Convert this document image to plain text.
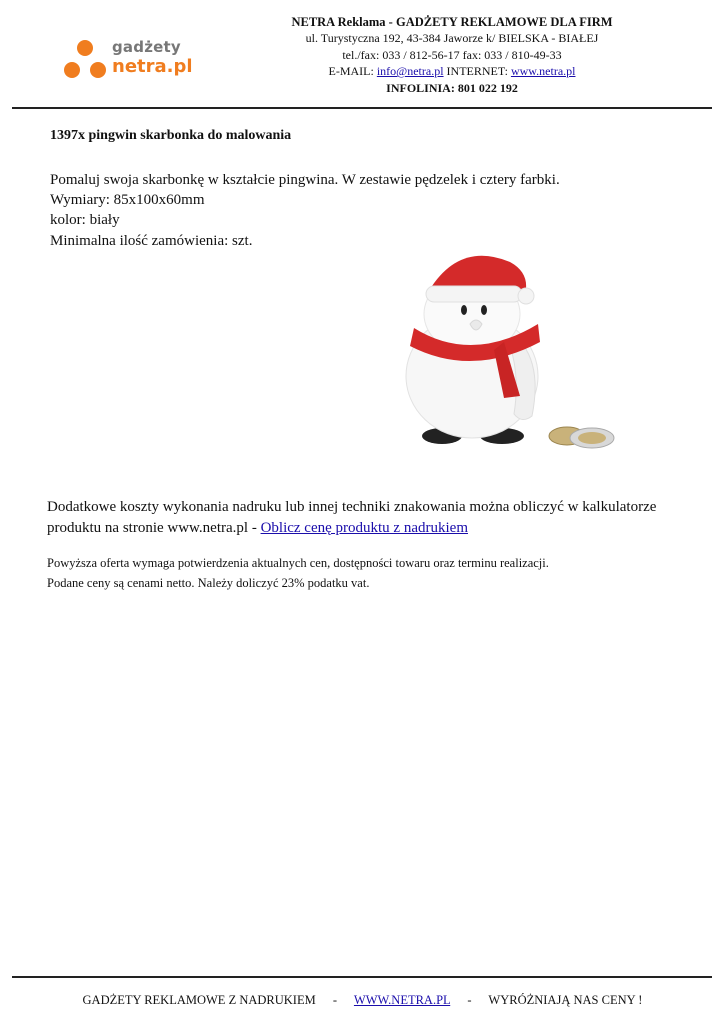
gadżety
netra.pl
NETRA Reklama - GADŻETY REKLAMOWE DLA FIRM
ul. Turystyczna 192, 43-384 Jaworze k/ BIELSKA - BIAŁEJ
tel./fax: 033 / 812-56-17 fax: 033 / 810-49-33
E-MAIL: info@netra.pl INTERNET: www.netra.pl
INFOLINIA: 801 022 192
1397x pingwin skarbonka do malowania
Pomaluj swoja skarbonkę w kształcie pingwina. W zestawie pędzelek i cztery farbki.
Wymiary: 85x100x60mm
kolor: biały
Minimalna ilość zamówienia: szt.
Dodatkowe koszty wykonania nadruku lub innej techniki znakowania można obliczyć w kalkulatorze produktu na stronie www.netra.pl - Oblicz cenę produktu z nadrukiem
Powyższa oferta wymaga potwierdzenia aktualnych cen, dostępności towaru oraz terminu realizacji.
Podane ceny są cenami netto. Należy doliczyć 23% podatku vat.
GADŻETY REKLAMOWE Z NADRUKIEM - WWW.NETRA.PL - WYRÓŻNIAJĄ NAS CENY !
